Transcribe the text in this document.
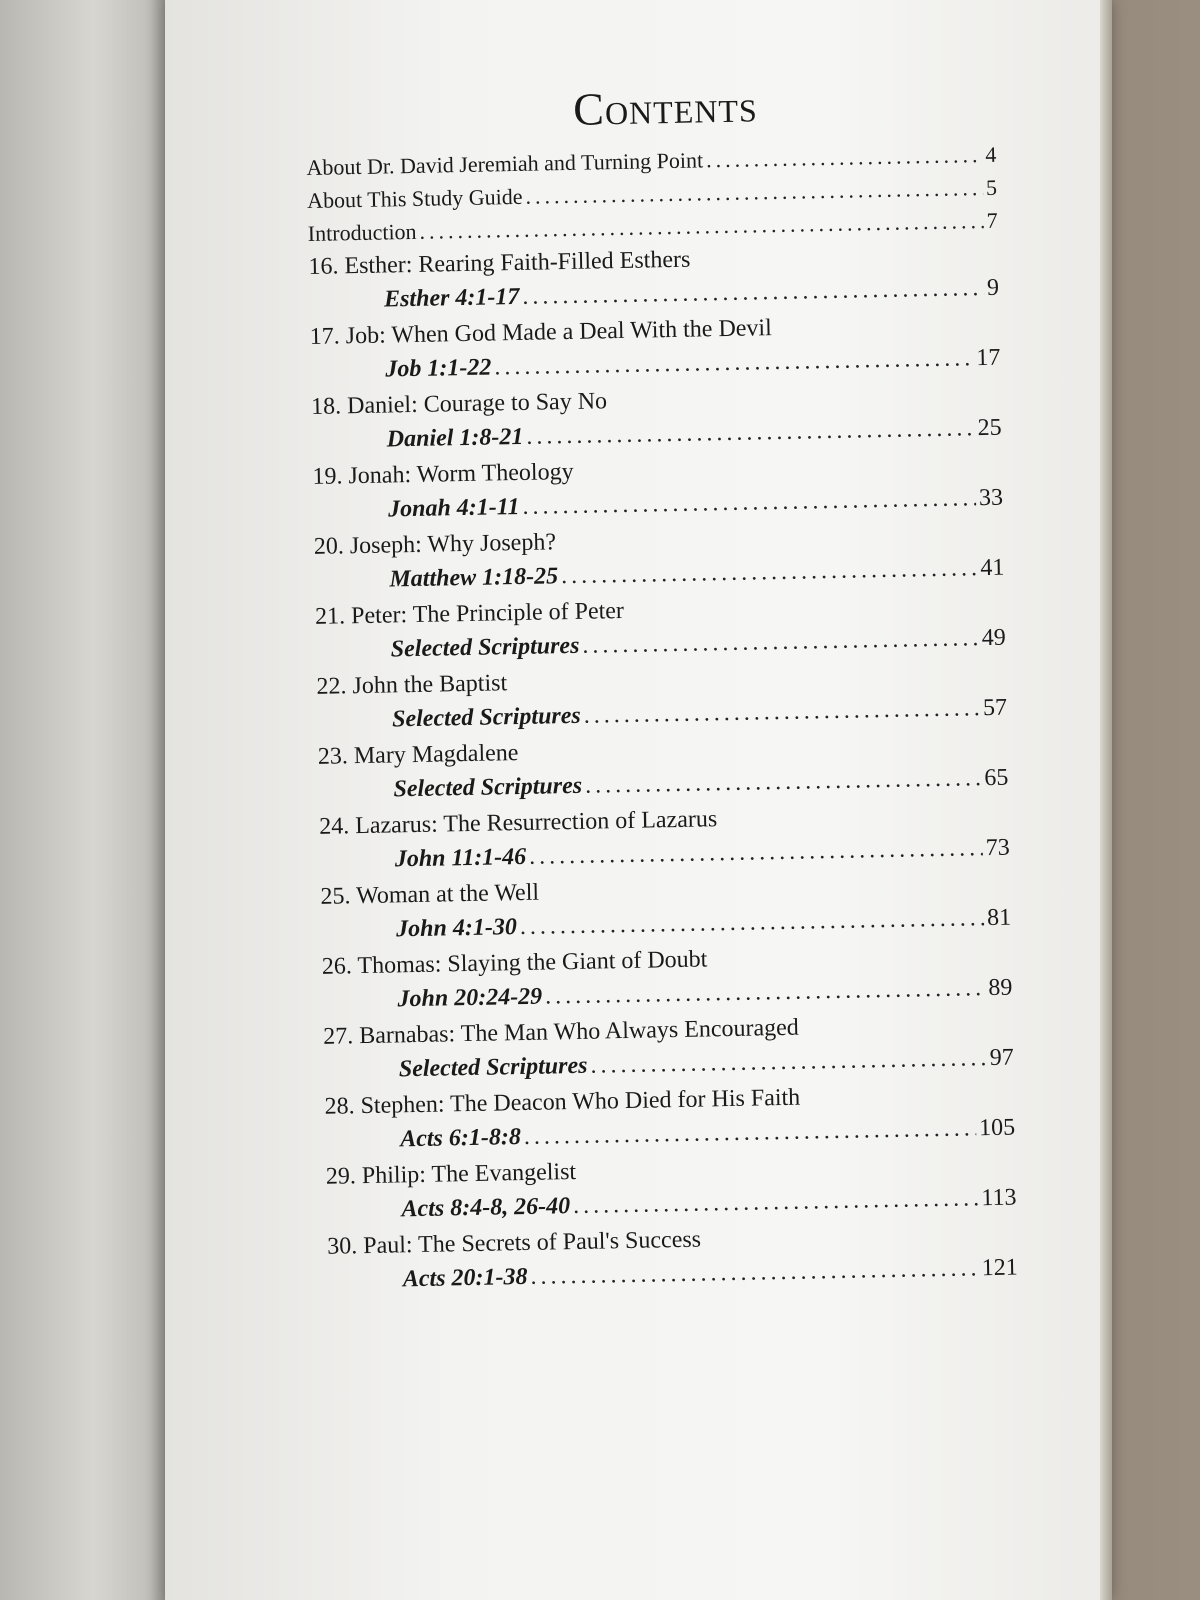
Contents
About Dr. David Jeremiah and Turning Point .....	4
About This Study Guide .....	5
Introduction .....	7
16. Esther: Rearing Faith-Filled Esthers
Esther 4:1-17 .....	9
17. Job: When God Made a Deal With the Devil
Job 1:1-22 .....	17
18. Daniel: Courage to Say No
Daniel 1:8-21 .....	25
19. Jonah: Worm Theology
Jonah 4:1-11 .....	33
20. Joseph: Why Joseph?
Matthew 1:18-25 .....	41
21. Peter: The Principle of Peter
Selected Scriptures .....	49
22. John the Baptist
Selected Scriptures .....	57
23. Mary Magdalene
Selected Scriptures .....	65
24. Lazarus: The Resurrection of Lazarus
John 11:1-46 .....	73
25. Woman at the Well
John 4:1-30 .....	81
26. Thomas: Slaying the Giant of Doubt
John 20:24-29 .....	89
27. Barnabas: The Man Who Always Encouraged
Selected Scriptures .....	97
28. Stephen: The Deacon Who Died for His Faith
Acts 6:1-8:8 .....	105
29. Philip: The Evangelist
Acts 8:4-8, 26-40 .....	113
30. Paul: The Secrets of Paul's Success
Acts 20:1-38 .....	121
